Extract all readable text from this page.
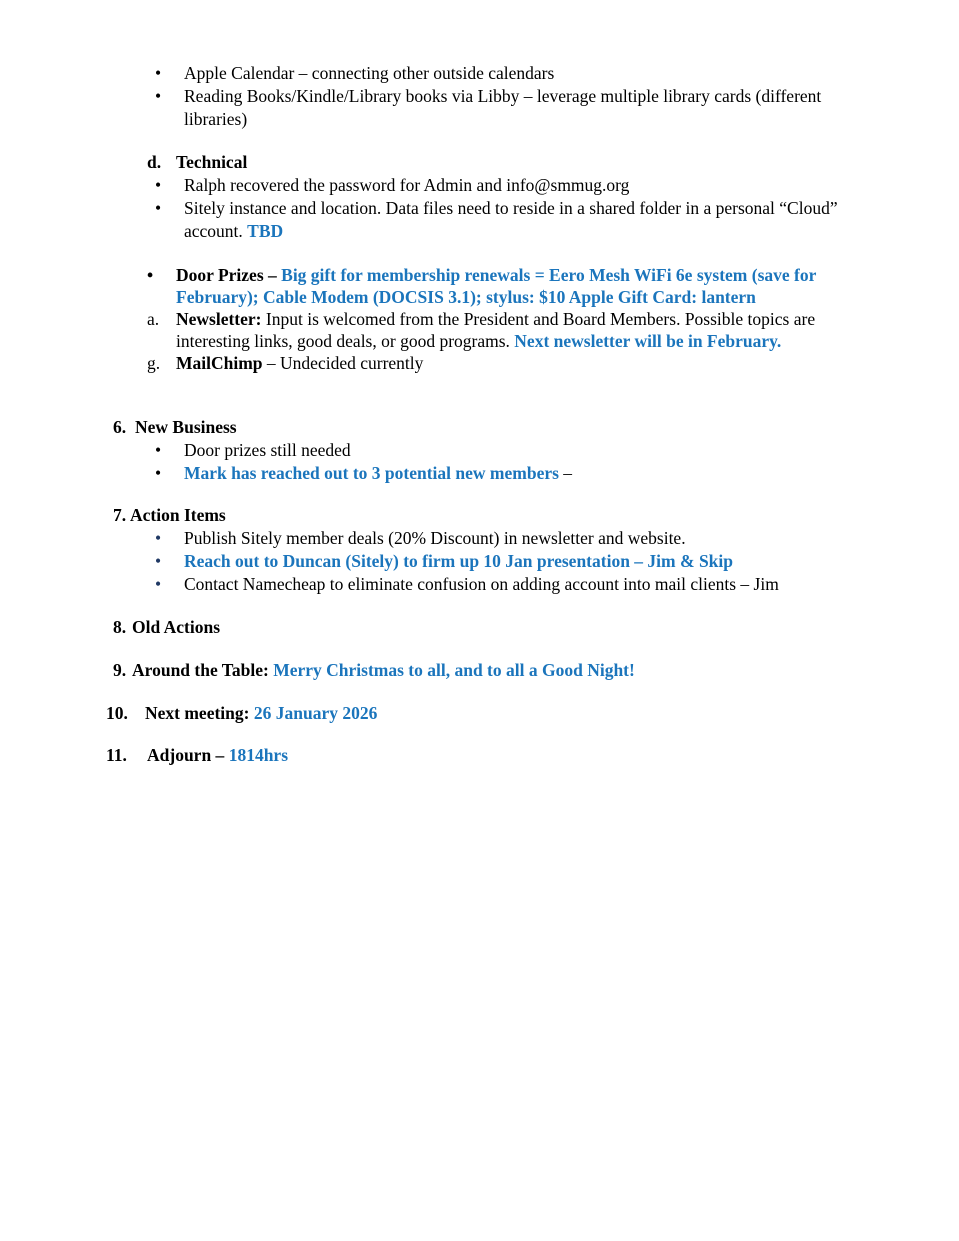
•
Apple Calendar – connecting other outside calendars
•
Reading Books/Kindle/Library books via Libby – leverage multiple library cards (different libraries)
d. Technical
•
Ralph recovered the password for Admin and info@smmug.org
•
Sitely instance and location. Data files need to reside in a shared folder in a personal “Cloud” account. TBD
•
Door Prizes – Big gift for membership renewals = Eero Mesh WiFi 6e system (save for February); Cable Modem (DOCSIS 3.1); stylus: $10 Apple Gift Card: lantern
a. Newsletter: Input is welcomed from the President and Board Members. Possible topics are interesting links, good deals, or good programs. Next newsletter will be in February.
g. MailChimp – Undecided currently
6. New Business
•
Door prizes still needed
•
Mark has reached out to 3 potential new members –
7. Action Items
•
Publish Sitely member deals (20% Discount) in newsletter and website.
•
Reach out to Duncan (Sitely) to firm up 10 Jan presentation – Jim & Skip
•
Contact Namecheap to eliminate confusion on adding account into mail clients – Jim
8. Old Actions
9. Around the Table: Merry Christmas to all, and to all a Good Night!
10. Next meeting: 26 January 2026
11.	Adjourn – 1814hrs
